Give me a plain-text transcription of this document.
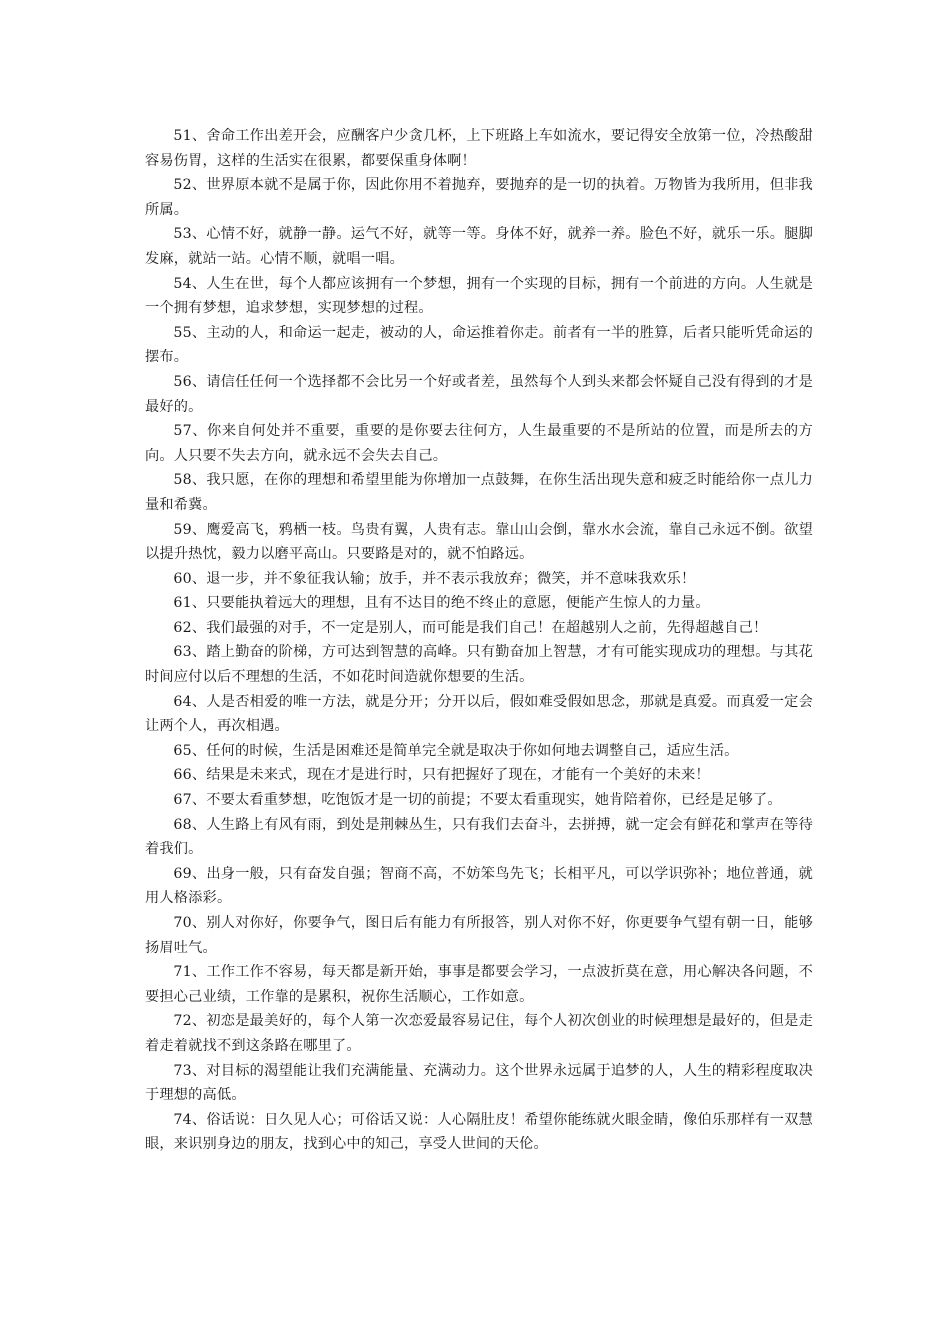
51、舍命工作出差开会，应酬客户少贪几杯，上下班路上车如流水，要记得安全放第一位，冷热酸甜容易伤胃，这样的生活实在很累，都要保重身体啊！

52、世界原本就不是属于你，因此你用不着抛弃，要抛弃的是一切的执着。万物皆为我所用，但非我所属。

53、心情不好，就静一静。运气不好，就等一等。身体不好，就养一养。脸色不好，就乐一乐。腿脚发麻，就站一站。心情不顺，就唱一唱。

54、人生在世，每个人都应该拥有一个梦想，拥有一个实现的目标，拥有一个前进的方向。人生就是一个拥有梦想，追求梦想，实现梦想的过程。

55、主动的人，和命运一起走，被动的人，命运推着你走。前者有一半的胜算，后者只能听凭命运的摆布。

56、请信任任何一个选择都不会比另一个好或者差，虽然每个人到头来都会怀疑自己没有得到的才是最好的。

57、你来自何处并不重要，重要的是你要去往何方，人生最重要的不是所站的位置，而是所去的方向。人只要不失去方向，就永远不会失去自己。

58、我只愿，在你的理想和希望里能为你增加一点鼓舞，在你生活出现失意和疲乏时能给你一点儿力量和希冀。

59、鹰爱高飞，鸦栖一枝。鸟贵有翼，人贵有志。靠山山会倒，靠水水会流，靠自己永远不倒。欲望以提升热忱，毅力以磨平高山。只要路是对的，就不怕路远。

60、退一步，并不象征我认输；放手，并不表示我放弃；微笑，并不意味我欢乐！

61、只要能执着远大的理想，且有不达目的绝不终止的意愿，便能产生惊人的力量。

62、我们最强的对手，不一定是别人，而可能是我们自己！在超越别人之前，先得超越自己！

63、踏上勤奋的阶梯，方可达到智慧的高峰。只有勤奋加上智慧，才有可能实现成功的理想。与其花时间应付以后不理想的生活，不如花时间造就你想要的生活。

64、人是否相爱的唯一方法，就是分开；分开以后，假如难受假如思念，那就是真爱。而真爱一定会让两个人，再次相遇。

65、任何的时候，生活是困难还是简单完全就是取决于你如何地去调整自己，适应生活。

66、结果是未来式，现在才是进行时，只有把握好了现在，才能有一个美好的未来！

67、不要太看重梦想，吃饱饭才是一切的前提；不要太看重现实，她肯陪着你，已经是足够了。

68、人生路上有风有雨，到处是荆棘丛生，只有我们去奋斗，去拼搏，就一定会有鲜花和掌声在等待着我们。

69、出身一般，只有奋发自强；智商不高，不妨笨鸟先飞；长相平凡，可以学识弥补；地位普通，就用人格添彩。

70、别人对你好，你要争气，图日后有能力有所报答，别人对你不好，你更要争气望有朝一日，能够扬眉吐气。

71、工作工作不容易，每天都是新开始，事事是都要会学习，一点波折莫在意，用心解决各问题，不要担心己业绩，工作靠的是累积，祝你生活顺心，工作如意。

72、初恋是最美好的，每个人第一次恋爱最容易记住，每个人初次创业的时候理想是最好的，但是走着走着就找不到这条路在哪里了。

73、对目标的渴望能让我们充满能量、充满动力。这个世界永远属于追梦的人，人生的精彩程度取决于理想的高低。

74、俗话说：日久见人心；可俗话又说：人心隔肚皮！希望你能练就火眼金睛，像伯乐那样有一双慧眼，来识别身边的朋友，找到心中的知己，享受人世间的天伦。
